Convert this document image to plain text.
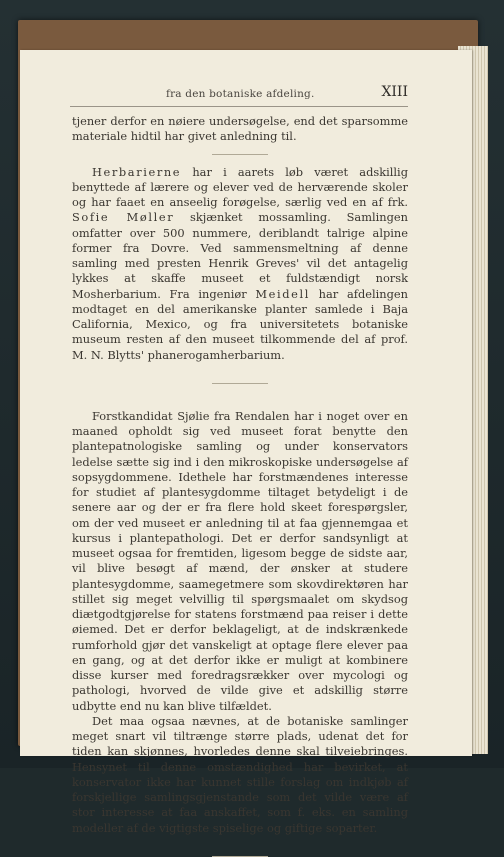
fra den botaniske afdeling.	XIII

tjener derfor en nøiere undersøgelse, end det sparsomme materiale hidtil har givet anledning til.

Herbarierne har i aarets løb været adskillig benyttede af lærere og elever ved de herværende skoler og har faaet en anseelig forøgelse, særlig ved en af frk. Sofie Møller skjænket mossamling. Samlingen omfatter over 500 nummere, deriblandt talrige alpine former fra Dovre. Ved sammensmeltning af denne samling med presten Henrik Greves' vil det antagelig lykkes at skaffe museet et fuldstændigt norsk Mosherbarium. Fra ingeniør Meidell har afdelingen modtaget en del amerikanske planter samlede i Baja California, Mexico, og fra universitetets botaniske museum resten af den museet tilkommende del af prof. M. N. Blytts' phanerogamherbarium.

Forstkandidat Sjølie fra Rendalen har i noget over en maaned opholdt sig ved museet forat benytte den plantepatnologiske samling og under konservators ledelse sætte sig ind i den mikroskopiske undersøgelse af sopsygdommene. Idethele har forstmændenes interesse for studiet af plantesygdomme tiltaget betydeligt i de senere aar og der er fra flere hold skeet forespørgsler, om der ved museet er anledning til at faa gjennemgaa et kursus i plantepathologi. Det er derfor sandsynligt at museet ogsaa for fremtiden, ligesom begge de sidste aar, vil blive besøgt af mænd, der ønsker at studere plantesygdomme, saamegetmere som skovdirektøren har stillet sig meget velvillig til spørgsmaalet om skydsog diætgodtgjørelse for statens forstmænd paa reiser i dette øiemed. Det er derfor beklageligt, at de indskrænkede rumforhold gjør det vanskeligt at optage flere elever paa en gang, og at det derfor ikke er muligt at kombinere disse kurser med foredragsrækker over mycologi og pathologi, hvorved de vilde give et adskillig større udbytte end nu kan blive tilfældet.

Det maa ogsaa nævnes, at de botaniske samlinger meget snart vil tiltrænge større plads, udenat det for tiden kan skjønnes, hvorledes denne skal tilveiebringes. Hensynet til denne omstændighed har bevirket, at konservator ikke har kunnet stille forslag om indkjøb af forskjellige samlingsgjenstande som det vilde være af stor interesse at faa anskaffet, som f. eks. en samling modeller af de vigtigste spiselige og giftige soparter.
